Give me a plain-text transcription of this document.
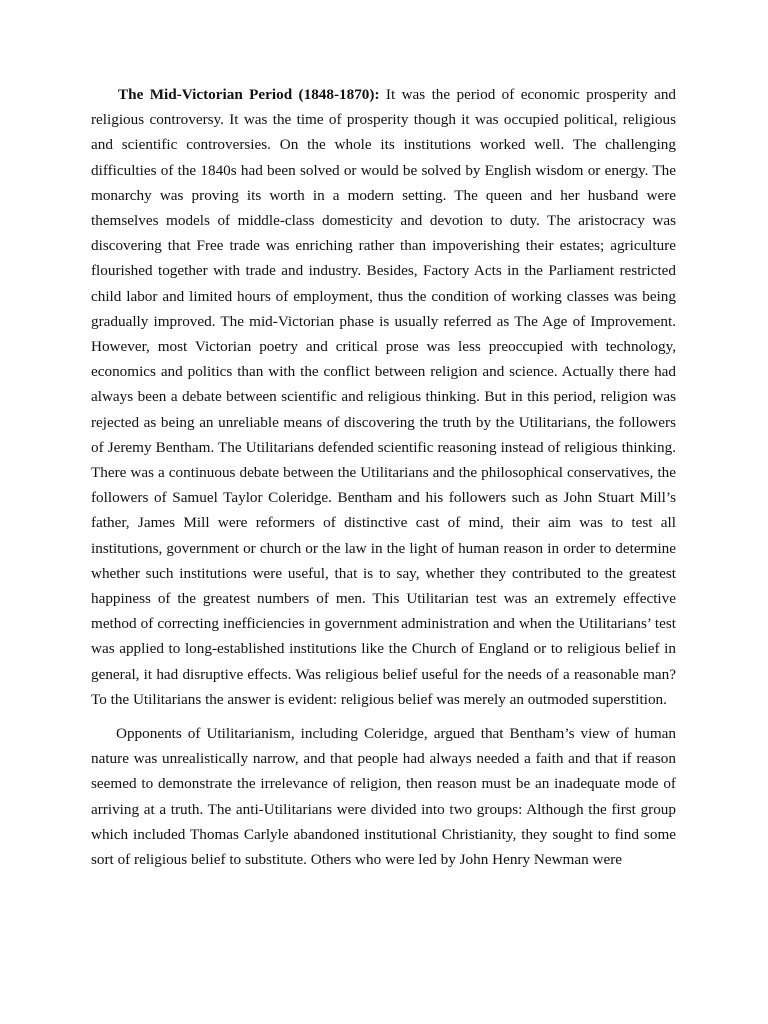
The Mid-Victorian Period (1848-1870): It was the period of economic prosperity and religious controversy. It was the time of prosperity though it was occupied political, religious and scientific controversies. On the whole its institutions worked well. The challenging difficulties of the 1840s had been solved or would be solved by English wisdom or energy. The monarchy was proving its worth in a modern setting. The queen and her husband were themselves models of middle-class domesticity and devotion to duty. The aristocracy was discovering that Free trade was enriching rather than impoverishing their estates; agriculture flourished together with trade and industry. Besides, Factory Acts in the Parliament restricted child labor and limited hours of employment, thus the condition of working classes was being gradually improved. The mid-Victorian phase is usually referred as The Age of Improvement. However, most Victorian poetry and critical prose was less preoccupied with technology, economics and politics than with the conflict between religion and science. Actually there had always been a debate between scientific and religious thinking. But in this period, religion was rejected as being an unreliable means of discovering the truth by the Utilitarians, the followers of Jeremy Bentham. The Utilitarians defended scientific reasoning instead of religious thinking. There was a continuous debate between the Utilitarians and the philosophical conservatives, the followers of Samuel Taylor Coleridge. Bentham and his followers such as John Stuart Mill’s father, James Mill were reformers of distinctive cast of mind, their aim was to test all institutions, government or church or the law in the light of human reason in order to determine whether such institutions were useful, that is to say, whether they contributed to the greatest happiness of the greatest numbers of men. This Utilitarian test was an extremely effective method of correcting inefficiencies in government administration and when the Utilitarians’ test was applied to long-established institutions like the Church of England or to religious belief in general, it had disruptive effects. Was religious belief useful for the needs of a reasonable man? To the Utilitarians the answer is evident: religious belief was merely an outmoded superstition.

Opponents of Utilitarianism, including Coleridge, argued that Bentham’s view of human nature was unrealistically narrow, and that people had always needed a faith and that if reason seemed to demonstrate the irrelevance of religion, then reason must be an inadequate mode of arriving at a truth. The anti-Utilitarians were divided into two groups: Although the first group which included Thomas Carlyle abandoned institutional Christianity, they sought to find some sort of religious belief to substitute. Others who were led by John Henry Newman were
